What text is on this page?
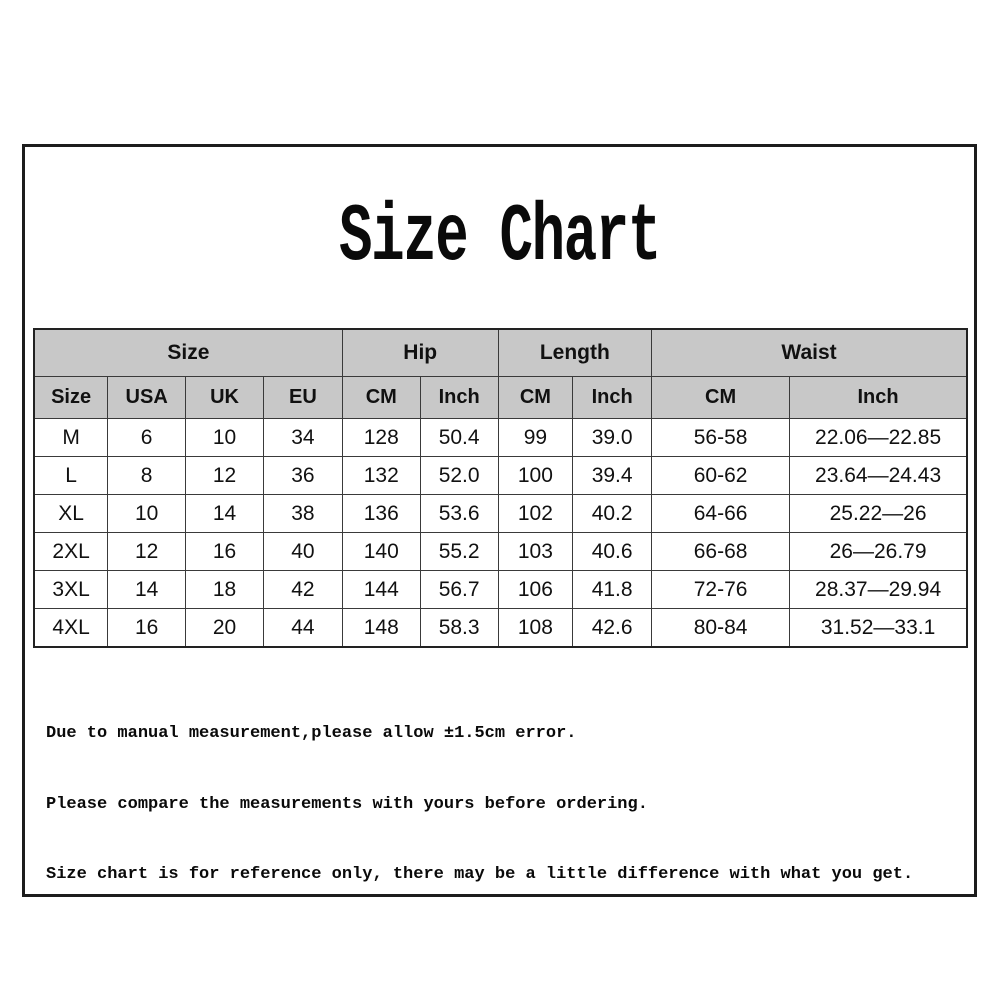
Size Chart
Size				Hip		Length		Waist	
Size	USA	UK	EU	CM	Inch	CM	Inch	CM	Inch
M	6	10	34	128	50.4	99	39.0	56-58	22.06—22.85
L	8	12	36	132	52.0	100	39.4	60-62	23.64—24.43
XL	10	14	38	136	53.6	102	40.2	64-66	25.22—26
2XL	12	16	40	140	55.2	103	40.6	66-68	26—26.79
3XL	14	18	42	144	56.7	106	41.8	72-76	28.37—29.94
4XL	16	20	44	148	58.3	108	42.6	80-84	31.52—33.1

Due to manual measurement,please allow ±1.5cm error.

Please compare the measurements with yours before ordering.

Size chart is for reference only, there may be a little difference with what you get.
